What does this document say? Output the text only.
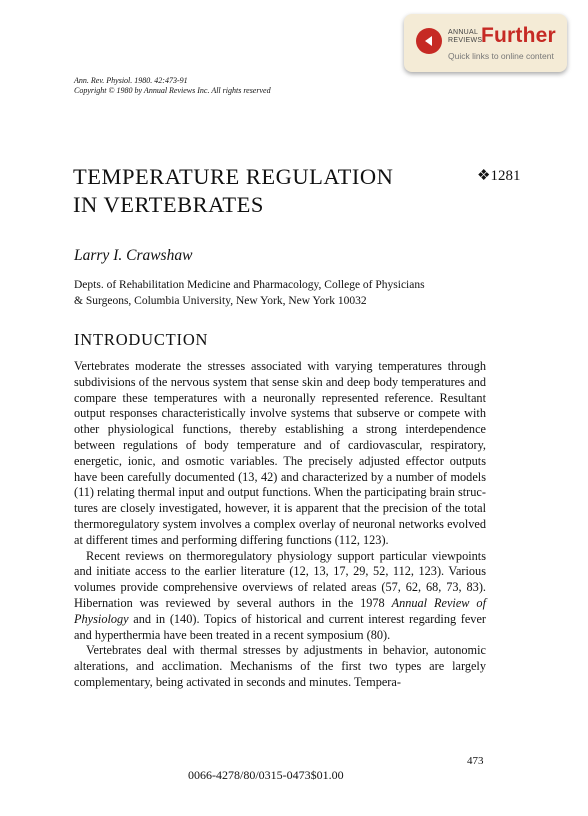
ANNUAL
REVIEWS
Further
Quick links to online content
Ann. Rev. Physiol. 1980. 42:473-91
Copyright © 1980 by Annual Reviews Inc. All rights reserved
TEMPERATURE REGULATION
IN VERTEBRATES
❖1281
Larry I. Crawshaw
Depts. of Rehabilitation Medicine and Pharmacology, College of Physicians
& Surgeons, Columbia University, New York, New York 10032
INTRODUCTION

Vertebrates moderate the stresses associated with varying temperatures through subdivisions of the nervous system that sense skin and deep body temperatures and compare these temperatures with a neuronally represented reference. Resultant output responses characteristically involve systems that subserve or compete with other physiological functions, thereby establishing a strong interdependence between regulations of body temperature and of cardiovascular, respiratory, energetic, ionic, and osmotic variables. The precisely adjusted effector outputs have been carefully documented (13, 42) and characterized by a number of models (11) relating thermal input and output functions. When the participating brain structures are closely investigated, however, it is apparent that the precision of the total thermoregulatory system involves a complex overlay of neuronal networks evolved at different times and performing differing functions (112, 123).

Recent reviews on thermoregulatory physiology support particular viewpoints and initiate access to the earlier literature (12, 13, 17, 29, 52, 112, 123). Various volumes provide comprehensive overviews of related areas (57, 62, 68, 73, 83). Hibernation was reviewed by several authors in the 1978 Annual Review of Physiology and in (140). Topics of historical and current interest regarding fever and hyperthermia have been treated in a recent symposium (80).

Vertebrates deal with thermal stresses by adjustments in behavior, autonomic alterations, and acclimation. Mechanisms of the first two types are largely complementary, being activated in seconds and minutes. Tempera-

473
0066-4278/80/0315-0473$01.00
